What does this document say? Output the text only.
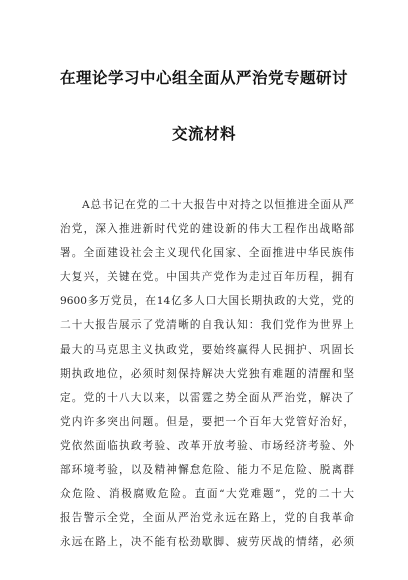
在理论学习中心组全面从严治党专题研讨
交流材料
A总书记在党的二十大报告中对持之以恒推进全面从严
治党，深入推进新时代党的建设新的伟大工程作出战略部
署。全面建设社会主义现代化国家、全面推进中华民族伟
大复兴，关键在党。中国共产党作为走过百年历程，拥有
9600多万党员，在14亿多人口大国长期执政的大党，党的
二十大报告展示了党清晰的自我认知：我们党作为世界上
最大的马克思主义执政党，要始终赢得人民拥护、巩固长
期执政地位，必须时刻保持解决大党独有难题的清醒和坚
定。党的十八大以来，以雷霆之势全面从严治党，解决了
党内许多突出问题。但是，要把一个百年大党管好治好，
党依然面临执政考验、改革开放考验、市场经济考验、外
部环境考验，以及精神懈怠危险、能力不足危险、脱离群
众危险、消极腐败危险。直面“大党难题”，党的二十大
报告警示全党，全面从严治党永远在路上，党的自我革命
永远在路上，决不能有松劲歇脚、疲劳厌战的情绪，必须
